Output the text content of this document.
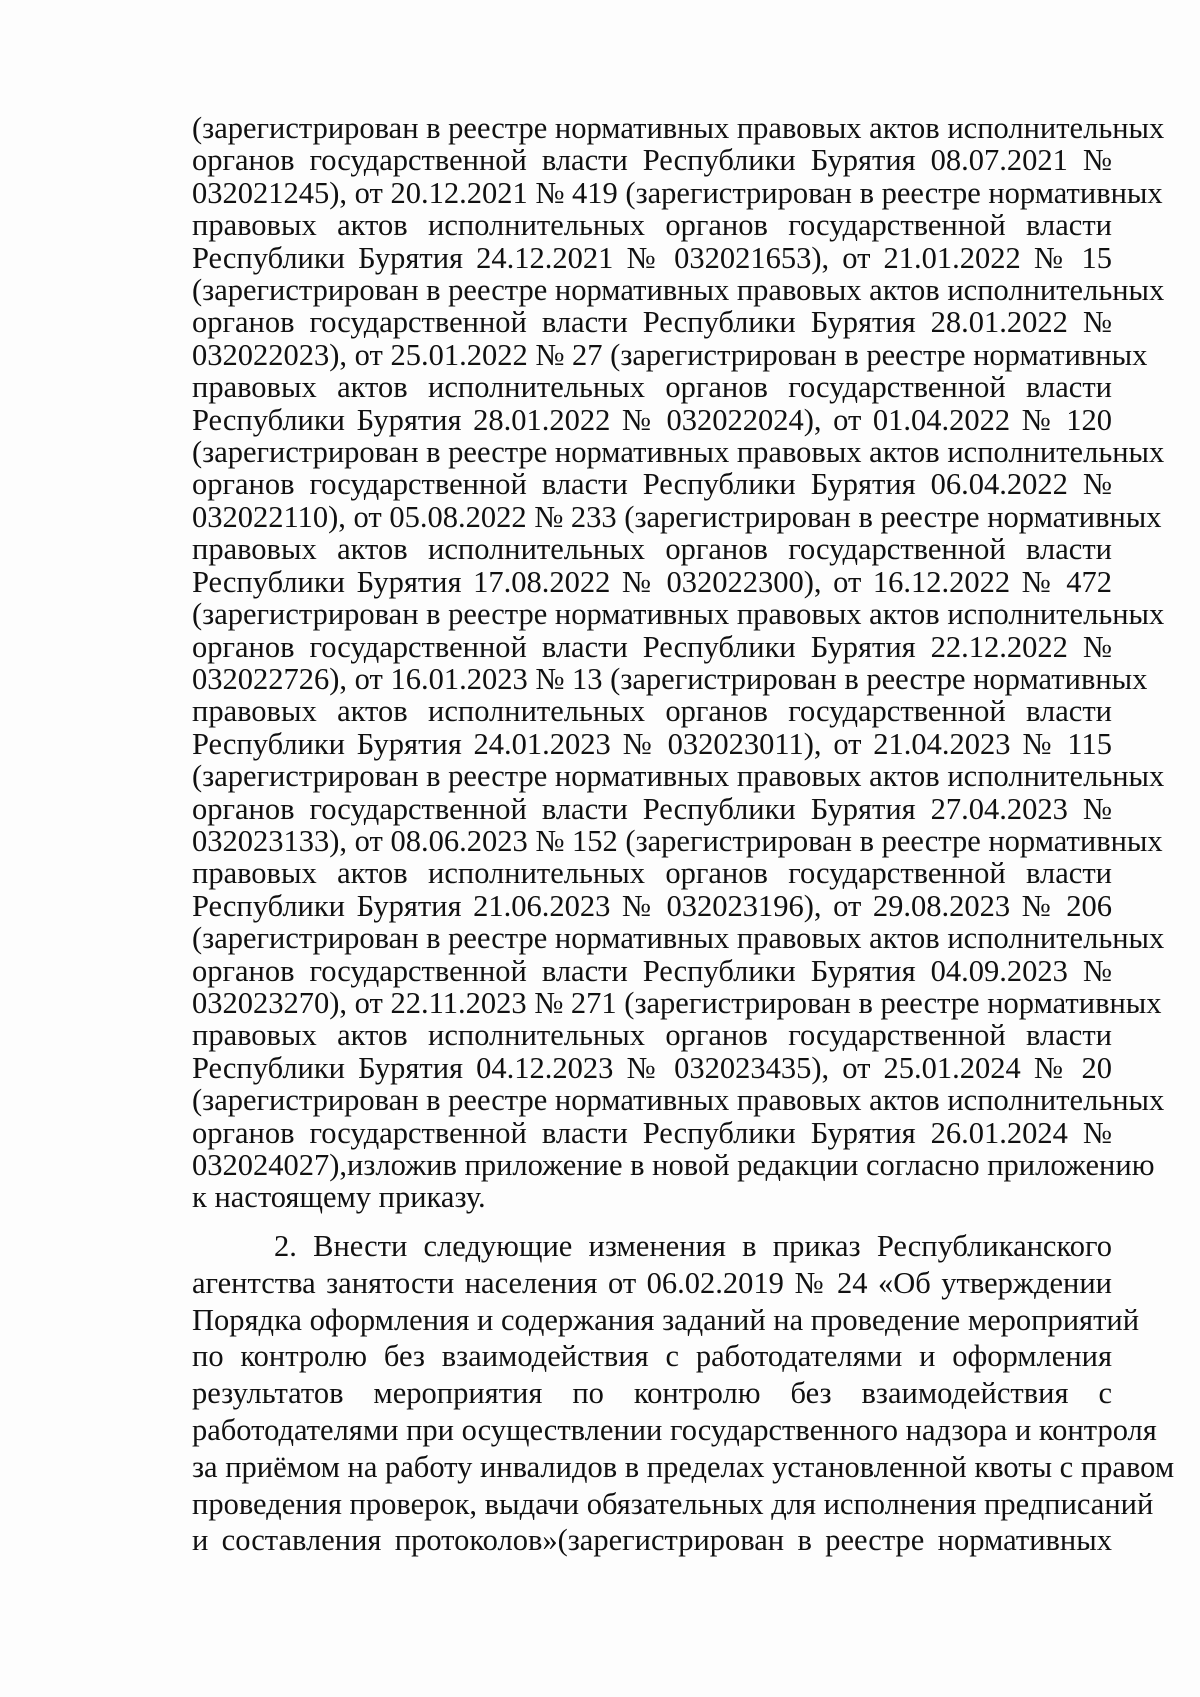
(зарегистрирован в реестре нормативных правовых актов исполнительных
органов государственной власти Республики Бурятия 08.07.2021 №
032021245), от 20.12.2021 № 419 (зарегистрирован в реестре нормативных
правовых актов исполнительных органов государственной власти
Республики Бурятия 24.12.2021 № 032021653), от 21.01.2022 № 15
(зарегистрирован в реестре нормативных правовых актов исполнительных
органов государственной власти Республики Бурятия 28.01.2022 №
032022023), от 25.01.2022 № 27 (зарегистрирован в реестре нормативных
правовых актов исполнительных органов государственной власти
Республики Бурятия 28.01.2022 № 032022024), от 01.04.2022 № 120
(зарегистрирован в реестре нормативных правовых актов исполнительных
органов государственной власти Республики Бурятия 06.04.2022 №
032022110), от 05.08.2022 № 233 (зарегистрирован в реестре нормативных
правовых актов исполнительных органов государственной власти
Республики Бурятия 17.08.2022 № 032022300), от 16.12.2022 № 472
(зарегистрирован в реестре нормативных правовых актов исполнительных
органов государственной власти Республики Бурятия 22.12.2022 №
032022726), от 16.01.2023 № 13 (зарегистрирован в реестре нормативных
правовых актов исполнительных органов государственной власти
Республики Бурятия 24.01.2023 № 032023011), от 21.04.2023 № 115
(зарегистрирован в реестре нормативных правовых актов исполнительных
органов государственной власти Республики Бурятия 27.04.2023 №
032023133), от 08.06.2023 № 152 (зарегистрирован в реестре нормативных
правовых актов исполнительных органов государственной власти
Республики Бурятия 21.06.2023 № 032023196), от 29.08.2023 № 206
(зарегистрирован в реестре нормативных правовых актов исполнительных
органов государственной власти Республики Бурятия 04.09.2023 №
032023270), от 22.11.2023 № 271 (зарегистрирован в реестре нормативных
правовых актов исполнительных органов государственной власти
Республики Бурятия 04.12.2023 № 032023435), от 25.01.2024 № 20
(зарегистрирован в реестре нормативных правовых актов исполнительных
органов государственной власти Республики Бурятия 26.01.2024 №
032024027),изложив приложение в новой редакции согласно приложению
к настоящему приказу.
2. Внести следующие изменения в приказ Республиканского
агентства занятости населения от 06.02.2019 № 24 «Об утверждении
Порядка оформления и содержания заданий на проведение мероприятий
по контролю без взаимодействия с работодателями и оформления
результатов мероприятия по контролю без взаимодействия с
работодателями при осуществлении государственного надзора и контроля
за приёмом на работу инвалидов в пределах установленной квоты с правом
проведения проверок, выдачи обязательных для исполнения предписаний
и составления протоколов»(зарегистрирован в реестре нормативных
